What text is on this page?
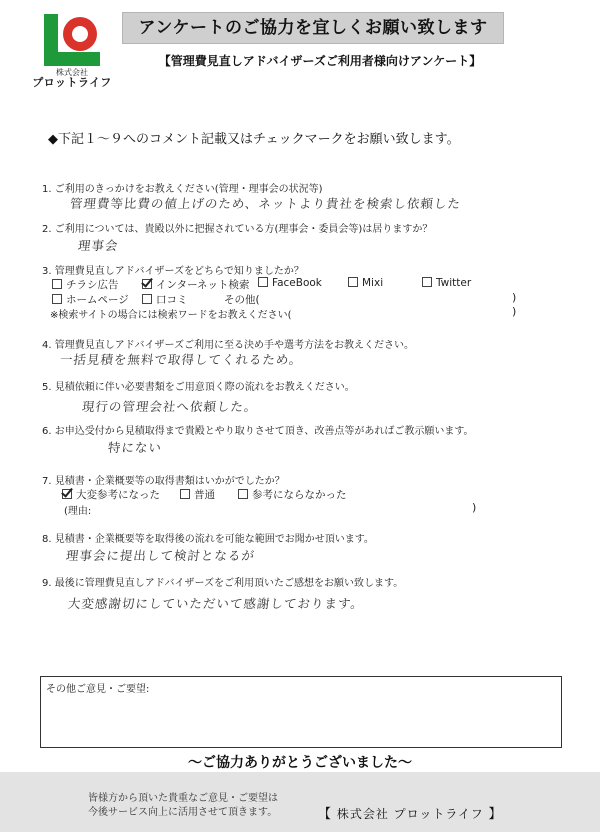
株式会社
プロットライフ
アンケートのご協力を宜しくお願い致します
【管理費見直しアドバイザーズご利用者様向けアンケート】
◆下記１～９へのコメント記載又はチェックマークをお願い致します。
1. ご利用のきっかけをお教えください(管理・理事会の状況等)
管理費等比費の値上げのため、ネットより貴社を検索し依頼した
2. ご利用については、貴殿以外に把握されている方(理事会・委員会等)は居りますか？
理事会
3. 管理費見直しアドバイザーズをどちらで知りましたか？
チラシ広告	インターネット検索	FaceBook	Mixi	Twitter
ホームページ	口コミ	その他(	)
※検索サイトの場合には検索ワードをお教えください(	)
4. 管理費見直しアドバイザーズご利用に至る決め手や選考方法をお教えください。
一括見積を無料で取得してくれるため。
5. 見積依頼に伴い必要書類をご用意頂く際の流れをお教えください。
現行の管理会社へ依頼した。
6. お申込受付から見積取得まで貴殿とやり取りさせて頂き、改善点等があればご教示願います。
特にない
7. 見積書・企業概要等の取得書類はいかがでしたか？
大変参考になった	普通	参考にならなかった
(理由:	)
8. 見積書・企業概要等を取得後の流れを可能な範囲でお聞かせ頂います。
理事会に提出して検討となるが
9. 最後に管理費見直しアドバイザーズをご利用頂いたご感想をお願い致します。
大変感謝切にしていただいて感謝しております。
その他ご意見・ご要望:
～ご協力ありがとうございました～
皆様方から頂いた貴重なご意見・ご要望は
今後サービス向上に活用させて頂きます。	【 株式会社 プロットライフ 】
